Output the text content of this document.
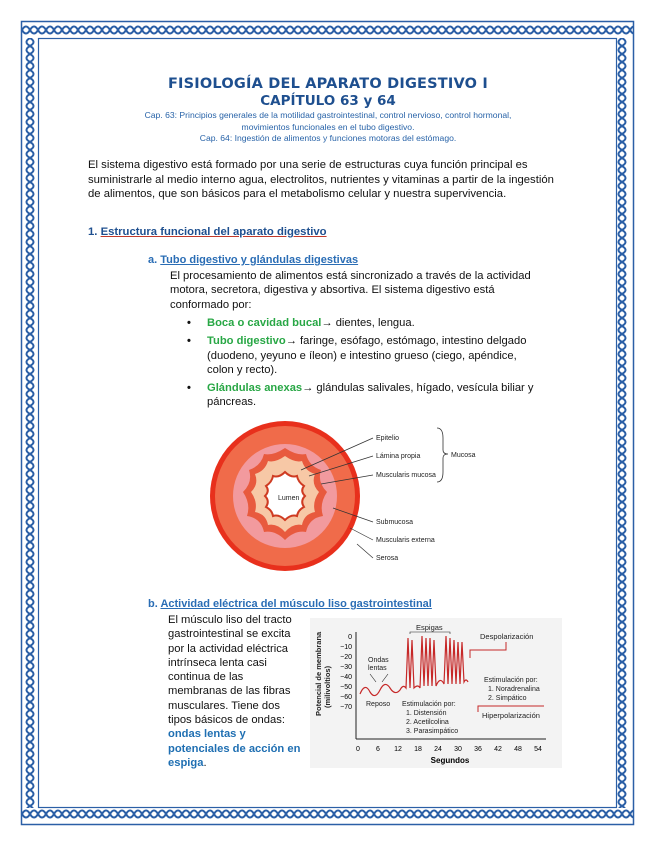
FISIOLOGÍA DEL APARATO DIGESTIVO I
CAPÍTULO 63 y 64
Cap. 63: Principios generales de la motilidad gastrointestinal, control nervioso, control hormonal,
movimientos funcionales en el tubo digestivo.
Cap. 64: Ingestión de alimentos y funciones motoras del estómago.
El sistema digestivo está formado por una serie de estructuras cuya función principal es suministrarle al medio interno agua, electrolitos, nutrientes y vitaminas a partir de la ingestión de alimentos, que son básicos para el metabolismo celular y nuestra supervivencia.
1. Estructura funcional del aparato digestivo
a. Tubo digestivo y glándulas digestivas
El procesamiento de alimentos está sincronizado a través de la actividad motora, secretora, digestiva y absortiva. El sistema digestivo está conformado por:
• Boca o cavidad bucal→ dientes, lengua.
• Tubo digestivo→ faringe, esófago, estómago, intestino delgado (duodeno, yeyuno e íleon) e intestino grueso (ciego, apéndice, colon y recto).
• Glándulas anexas→ glándulas salivales, hígado, vesícula biliar y páncreas.
Lumen
Epitelio
Lámina propia
Muscularis mucosa
Submucosa
Muscularis externa
Serosa
Mucosa
b. Actividad eléctrica del músculo liso gastrointestinal
El músculo liso del tracto gastrointestinal se excita por la actividad eléctrica intrínseca lenta casi continua de las membranas de las fibras musculares. Tiene dos tipos básicos de ondas: ondas lentas y potenciales de acción en espiga.
Potencial de membrana (milivoltios)
0
−10
−20
−30
−40
−50
−60
−70
0 6 12 18 24 30 36 42 48 54
Segundos
Espigas
Despolarización
Ondas
lentas
Reposo Estimulación por:
1. Distensión
2. Acetilcolina
3. Parasimpático
Estimulación por:
1. Noradrenalina
2. Simpático
Hiperpolarización
